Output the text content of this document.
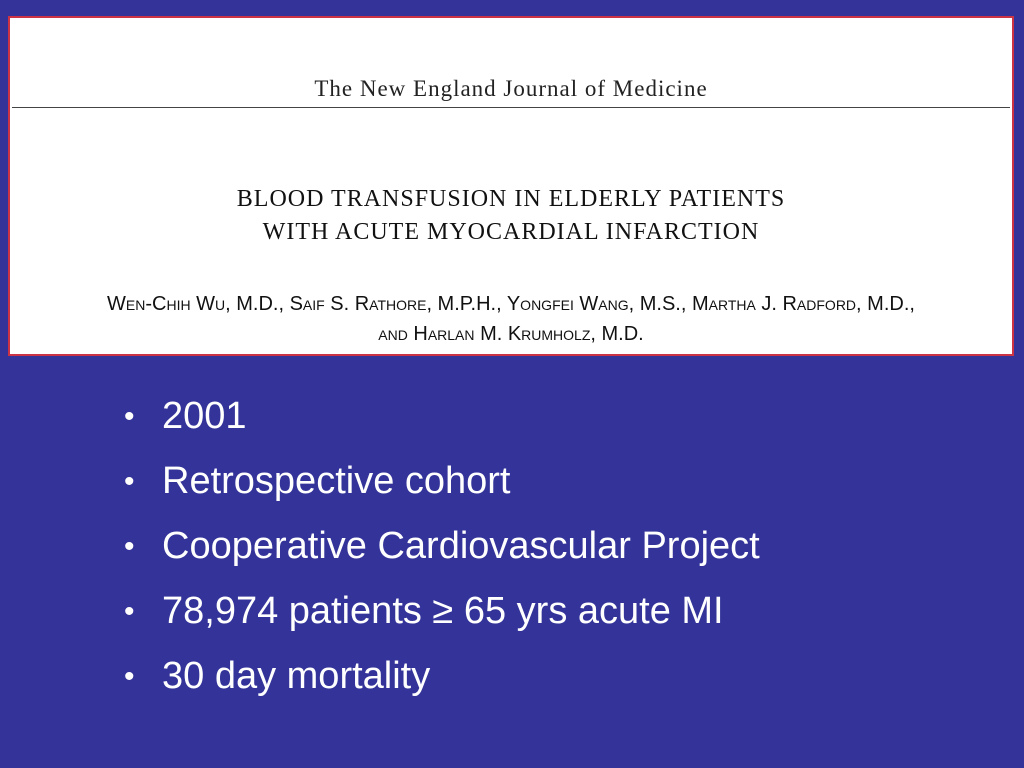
The New England Journal of Medicine
BLOOD TRANSFUSION IN ELDERLY PATIENTS
WITH ACUTE MYOCARDIAL INFARCTION
Wen-Chih Wu, M.D., Saif S. Rathore, M.P.H., Yongfei Wang, M.S., Martha J. Radford, M.D.,
and Harlan M. Krumholz, M.D.
• 2001
• Retrospective cohort
• Cooperative Cardiovascular Project
• 78,974 patients ≥ 65 yrs acute MI
• 30 day mortality
